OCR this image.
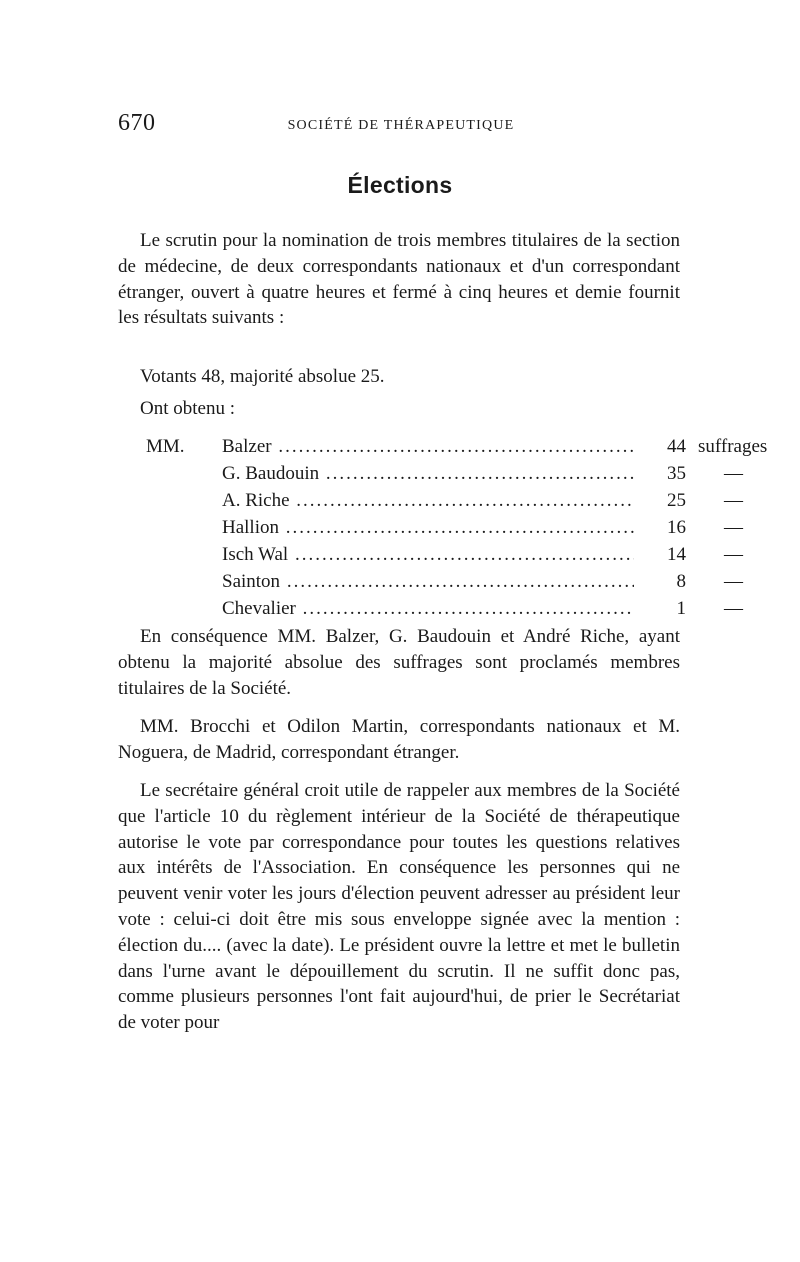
670	SOCIÉTÉ DE THÉRAPEUTIQUE
Élections

Le scrutin pour la nomination de trois membres titulaires de la section de médecine, de deux correspondants nationaux et d'un correspondant étranger, ouvert à quatre heures et fermé à cinq heures et demie fournit les résultats suivants :

Votants 48, majorité absolue 25.

Ont obtenu :

MM.	Balzer .....	44 suffrages
G. Baudouin .....	35 —
A. Riche .....	25 —
Hallion .....	16 —
Isch Wal .....	14 —
Sainton .....	8 —
Chevalier .....	1 —

En conséquence MM. Balzer, G. Baudouin et André Riche, ayant obtenu la majorité absolue des suffrages sont proclamés membres titulaires de la Société.

MM. Brocchi et Odilon Martin, correspondants nationaux et M. Noguera, de Madrid, correspondant étranger.

Le secrétaire général croit utile de rappeler aux membres de la Société que l'article 10 du règlement intérieur de la Société de thérapeutique autorise le vote par correspondance pour toutes les questions relatives aux intérêts de l'Association. En conséquence les personnes qui ne peuvent venir voter les jours d'élection peuvent adresser au président leur vote : celui-ci doit être mis sous enveloppe signée avec la mention : élection du.... (avec la date). Le président ouvre la lettre et met le bulletin dans l'urne avant le dépouillement du scrutin. Il ne suffit donc pas, comme plusieurs personnes l'ont fait aujourd'hui, de prier le Secrétariat de voter pour
